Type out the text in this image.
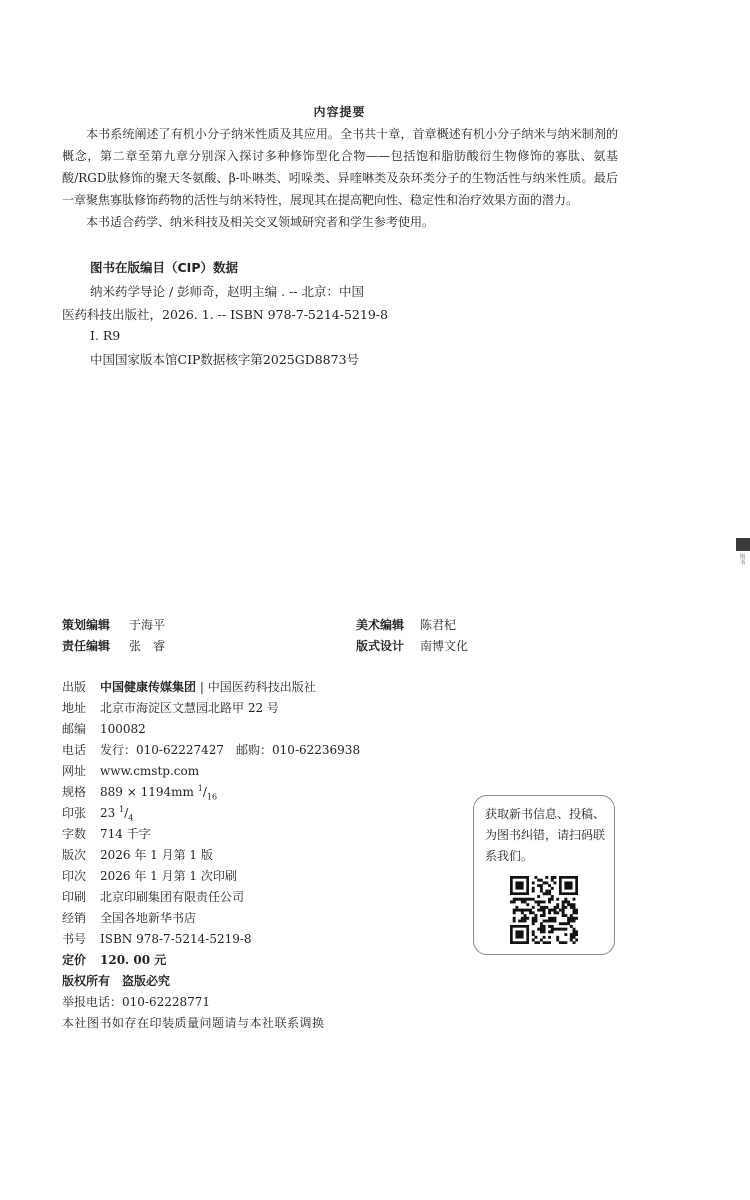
内容提要
本书系统阐述了有机小分子纳米性质及其应用。全书共十章，首章概述有机小分子纳米与纳米制剂的概念，第二章至第九章分别深入探讨多种修饰型化合物——包括饱和脂肪酸衍生物修饰的寡肽、氨基酸/RGD肽修饰的聚天冬氨酸、β-卟啉类、吲哚类、异喹啉类及杂环类分子的生物活性与纳米性质。最后一章聚焦寡肽修饰药物的活性与纳米特性，展现其在提高靶向性、稳定性和治疗效果方面的潜力。
本书适合药学、纳米科技及相关交叉领域研究者和学生参考使用。
图书在版编目（CIP）数据
纳米药学导论 / 彭师奇，赵明主编 . -- 北京：中国
医药科技出版社，2026. 1. -- ISBN 978-7-5214-5219-8
Ⅰ. R9
中国国家版本馆CIP数据核字第2025GD8873号
策划编辑 于海平	美术编辑 陈君杞
责任编辑 张　睿	版式设计 南博文化
出版 中国健康传媒集团 | 中国医药科技出版社
地址 北京市海淀区文慧园北路甲 22 号
邮编 100082
电话 发行：010-62227427　邮购：010-62236938
网址 www.cmstp.com
规格 889 × 1194mm $^1/_{16}$
印张 23 $^1/_4$
字数 714 千字
版次 2026 年 1 月第 1 版
印次 2026 年 1 月第 1 次印刷
印刷 北京印刷集团有限责任公司
经销 全国各地新华书店
书号 ISBN 978-7-5214-5219-8
定价 120. 00 元
版权所有　盗版必究
举报电话：010-62228771
本社图书如存在印装质量问题请与本社联系调换
获取新书信息、投稿、为图书纠错，请扫码联系我们。
图书
